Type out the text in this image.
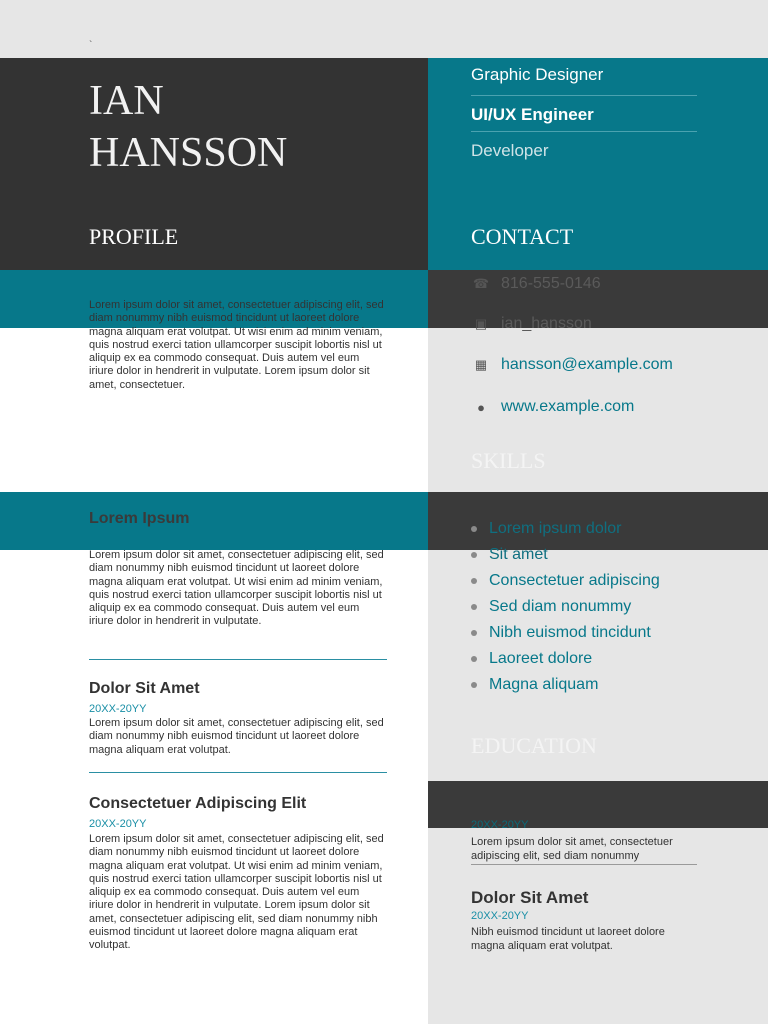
`
IAN
HANSSON
Graphic Designer
UI/UX Engineer
Developer
PROFILE	CONTACT
SKILLS
EDUCATION
Lorem ipsum dolor sit amet, consectetuer adipiscing elit, sed diam nonummy nibh euismod tincidunt ut laoreet dolore magna aliquam erat volutpat. Ut wisi enim ad minim veniam, quis nostrud exerci tation ullamcorper suscipit lobortis nisl ut aliquip ex ea commodo consequat. Duis autem vel eum iriure dolor in hendrerit in vulputate. Lorem ipsum dolor sit amet, consectetuer.
☎ 816-555-0146
▣ ian_hansson
▦ hansson@example.com
●	www.example.com
Lorem Ipsum
Lorem ipsum dolor sit amet, consectetuer adipiscing elit, sed diam nonummy nibh euismod tincidunt ut laoreet dolore magna aliquam erat volutpat. Ut wisi enim ad minim veniam, quis nostrud exerci tation ullamcorper suscipit lobortis nisl ut aliquip ex ea commodo consequat. Duis autem vel eum iriure dolor in hendrerit in vulputate.
Dolor Sit Amet
20XX-20YY
Lorem ipsum dolor sit amet, consectetuer adipiscing elit, sed diam nonummy nibh euismod tincidunt ut laoreet dolore magna aliquam erat volutpat.
Consectetuer Adipiscing Elit
20XX-20YY
Lorem ipsum dolor sit amet, consectetuer adipiscing elit, sed diam nonummy nibh euismod tincidunt ut laoreet dolore magna aliquam erat volutpat. Ut wisi enim ad minim veniam, quis nostrud exerci tation ullamcorper suscipit lobortis nisl ut aliquip ex ea commodo consequat. Duis autem vel eum iriure dolor in hendrerit in vulputate. Lorem ipsum dolor sit amet, consectetuer adipiscing elit, sed diam nonummy nibh euismod tincidunt ut laoreet dolore magna aliquam erat volutpat.
Lorem ipsum dolor
Sit amet
Consectetuer adipiscing
Sed diam nonummy
Nibh euismod tincidunt
Laoreet dolore
Magna aliquam
20XX-20YY
Lorem ipsum dolor sit amet, consectetuer adipiscing elit, sed diam nonummy
Dolor Sit Amet
20XX-20YY
Nibh euismod tincidunt ut laoreet dolore magna aliquam erat volutpat.
